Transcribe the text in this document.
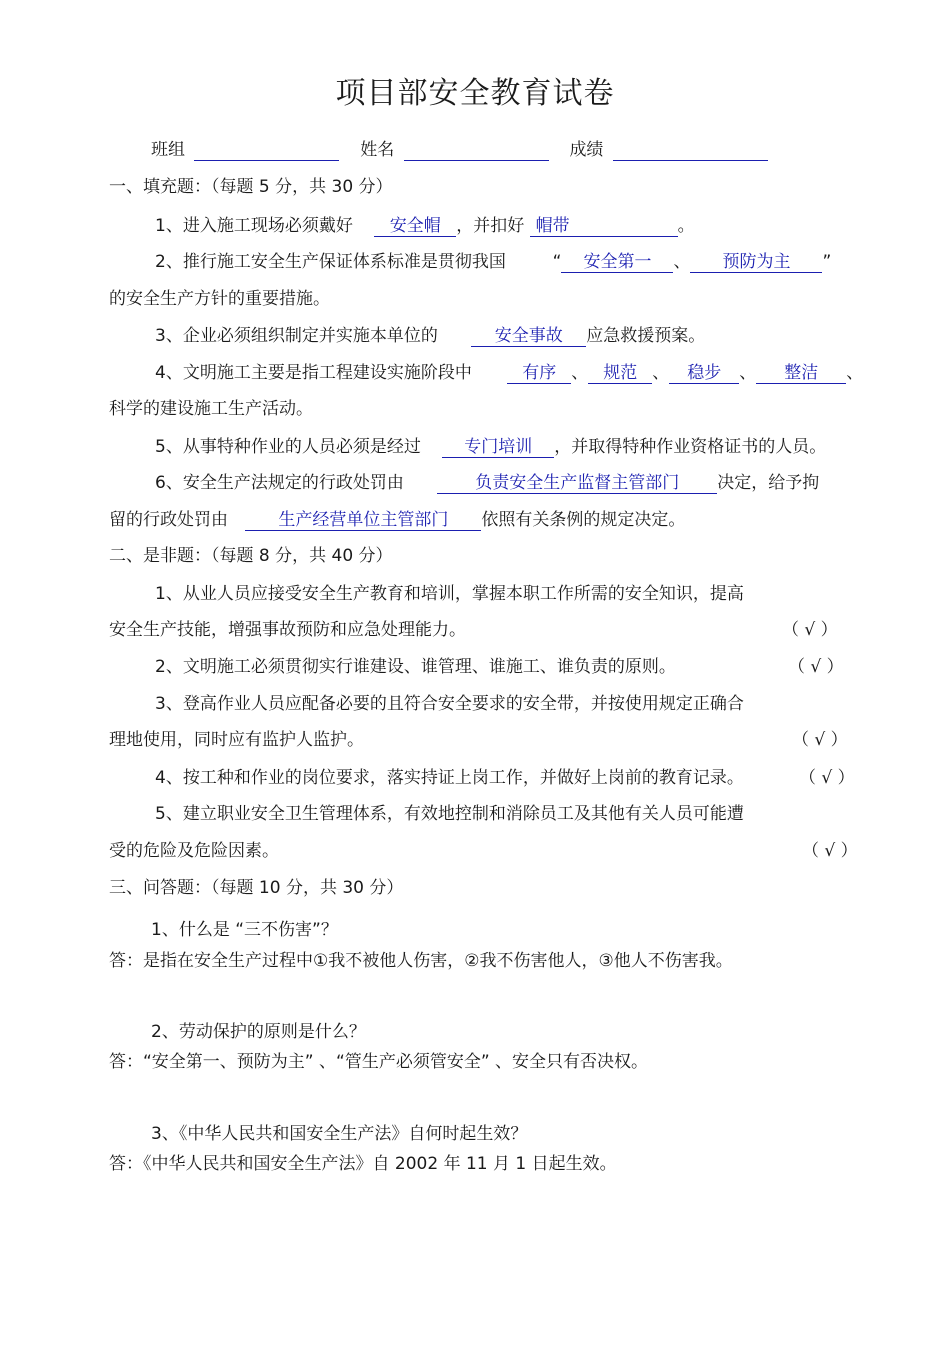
项目部安全教育试卷
班组	姓名	成绩
一、填充题：（每题 5 分，共 30 分）
1、进入施工现场必须戴好 安全帽 ，并扣好 帽带	。
2、推行施工安全生产保证体系标准是贯彻我国	“ 安全第一 、 预防为主 ”
的安全生产方针的重要措施。
3、企业必须组织制定并实施本单位的	安全事故 应急救援预案。
4、文明施工主要是指工程建设实施阶段中	有序 、 规范 、 稳步 、 整洁 、
科学的建设施工生产活动。
5、从事特种作业的人员必须是经过	专门培训 ，并取得特种作业资格证书的人员。
6、安全生产法规定的行政处罚由	负责安全生产监督主管部门 决定，给予拘
留的行政处罚由	生产经营单位主管部门 依照有关条例的规定决定。
二、是非题：（每题 8 分，共 40 分）
1、从业人员应接受安全生产教育和培训，掌握本职工作所需的安全知识，提高
安全生产技能，增强事故预防和应急处理能力。	（ √ ）
2、文明施工必须贯彻实行谁建设、谁管理、谁施工、谁负责的原则。	（ √ ）
3、登高作业人员应配备必要的且符合安全要求的安全带，并按使用规定正确合
理地使用，同时应有监护人监护。	（ √ ）
4、按工种和作业的岗位要求，落实持证上岗工作，并做好上岗前的教育记录。	（ √ ）
5、建立职业安全卫生管理体系，有效地控制和消除员工及其他有关人员可能遭
受的危险及危险因素。	（ √ ）
三、问答题：（每题 10 分，共 30 分）
1、什么是 “三不伤害”？
答：是指在安全生产过程中①我不被他人伤害，②我不伤害他人，③他人不伤害我。
2、劳动保护的原则是什么？
答：“安全第一、预防为主” 、“管生产必须管安全” 、安全只有否决权。
3、《中华人民共和国安全生产法》自何时起生效？
答：《中华人民共和国安全生产法》自 2002 年 11 月 1 日起生效。
